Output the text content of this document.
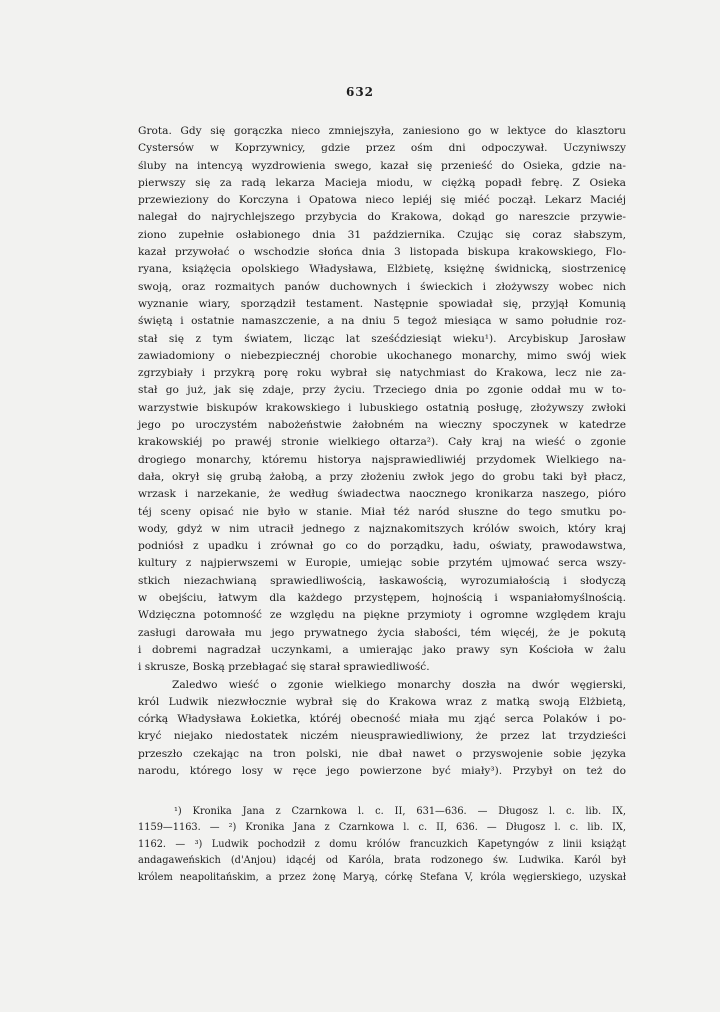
632
Grota. Gdy się gorączka nieco zmniejszyła, zaniesiono go w lektyce do klasztoru Cystersów w Koprzywnicy, gdzie przez ośm dni odpoczywał. Uczyniwszy
śluby na intencyą wyzdrowienia swego, kazał się przenieść do Osieka, gdzie na-
pierwszy się za radą lekarza Macieja miodu, w ciężką popadł febrę. Z Osieka
przewieziony do Korczyna i Opatowa nieco lepiéj się miéć począł. Lekarz Maciéj
nalegał do najrychlejszego przybycia do Krakowa, dokąd go nareszcie przywie-
ziono zupełnie osłabionego dnia 31 października. Czując się coraz słabszym,
kazał przywołać o wschodzie słońca dnia 3 listopada biskupa krakowskiego, Flo-
ryana, książęcia opolskiego Władysława, Elżbietę, księżnę świdnicką, siostrzenicę
swoją, oraz rozmaitych panów duchownych i świeckich i złożywszy wobec nich
wyznanie wiary, sporządził testament. Następnie spowiadał się, przyjął Komunią
świętą i ostatnie namaszczenie, a na dniu 5 tegoż miesiąca w samo południe roz-
stał się z tym światem, licząc lat sześćdziesiąt wieku¹). Arcybiskup Jarosław
zawiadomiony o niebezpiecznéj chorobie ukochanego monarchy, mimo swój wiek
zgrzybiały i przykrą porę roku wybrał się natychmiast do Krakowa, lecz nie za-
stał go już, jak się zdaje, przy życiu. Trzeciego dnia po zgonie oddał mu w to-
warzystwie biskupów krakowskiego i lubuskiego ostatnią posługę, złożywszy zwłoki
jego po uroczystém nabożeństwie żałobném na wieczny spoczynek w katedrze
krakowskiéj po prawéj stronie wielkiego ołtarza²). Cały kraj na wieść o zgonie
drogiego monarchy, któremu historya najsprawiedliwiéj przydomek Wielkiego na-
dała, okrył się grubą żałobą, a przy złożeniu zwłok jego do grobu taki był płacz,
wrzask i narzekanie, że według świadectwa naocznego kronikarza naszego, pióro
téj sceny opisać nie było w stanie. Miał téż naród słuszne do tego smutku po-
wody, gdyż w nim utracił jednego z najznakomitszych królów swoich, który kraj
podniósł z upadku i zrównał go co do porządku, ładu, oświaty, prawodawstwa,
kultury z najpierwszemi w Europie, umiejąc sobie przytém ujmować serca wszy-
stkich niezachwianą sprawiedliwością, łaskawością, wyrozumiałością i słodyczą
w obejściu, łatwym dla każdego przystępem, hojnością i wspaniałomyślnością.
Wdzięczna potomność ze względu na piękne przymioty i ogromne względem kraju
zasługi darowała mu jego prywatnego życia słabości, tém więcéj, że je pokutą
i dobremi nagradzał uczynkami, a umierając jako prawy syn Kościoła w żalu
i skrusze, Boską przebłagać się starał sprawiedliwość.
Zaledwo wieść o zgonie wielkiego monarchy doszła na dwór węgierski,
król Ludwik niezwłocznie wybrał się do Krakowa wraz z matką swoją Elżbietą,
córką Władysława Łokietka, któréj obecność miała mu zjąć serca Polaków i po-
kryć niejako niedostatek niczém nieusprawiedliwiony, że przez lat trzydzieści
przeszło czekając na tron polski, nie dbał nawet o przyswojenie sobie języka
narodu, którego losy w ręce jego powierzone być miały³). Przybył on też do
¹) Kronika Jana z Czarnkowa l. c. II, 631—636. — Długosz l. c. lib. IX,
1159—1163. — ²) Kronika Jana z Czarnkowa l. c. II, 636. — Długosz l. c. lib. IX,
1162. — ³) Ludwik pochodził z domu królów francuzkich Kapetyngów z linii książąt
andagaweńskich (d'Anjou) idącéj od Karóla, brata rodzonego św. Ludwika. Karól był
królem neapolitańskim, a przez żonę Maryą, córkę Stefana V, króla węgierskiego, uzyskał
